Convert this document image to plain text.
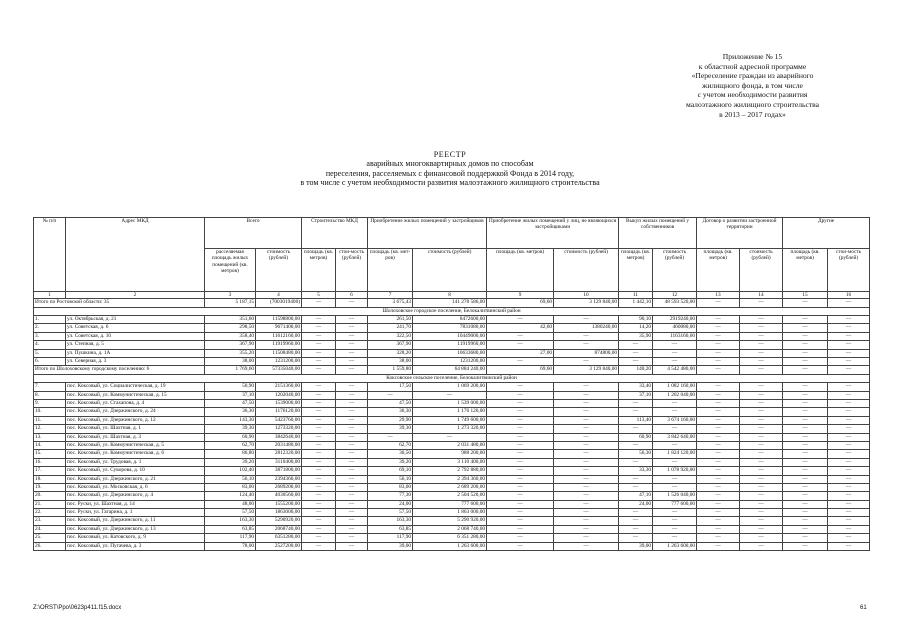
Приложение № 15
к областной адресной программе
«Переселение граждан из аварийного
жилищного фонда, в том числе
с учетом необходимости развития
малоэтажного жилищного строительства
в 2013 – 2017 годах»
РЕЕСТР
аварийных многоквартирных домов по способам
переселения, расселяемых с финансовой поддержкой Фонда в 2014 году,
в том числе с учетом необходимости развития малоэтажного жилищного строительства
№ п/п	Адрес МКД	Всего		Строительство МКД		Приобретение жилых помещений у застройщиков		Приобретение жилых помещений у лиц, не являющихся застройщиками		Выкуп жилых помещений у собственников		Договор о развитии застроенной территории		Другие	
		расселяемая площадь жилых помещений (кв. метров)	стоимость (рублей)	площадь (кв. метров)	стои-мость (рублей)	площадь (кв. мет-ров)	стоимость (рублей)	площадь (кв. метров)	стоимость (рублей)	площадь (кв. метров)	стоимость (рублей)	площадь (кв. метров)	стоимость (рублей)	площадь (кв. метров)	стои-мость (рублей)
1	2	3	4	5	6	7	8	9	10	11	12	13	14	15	16
Итого по Ростовской области: 35		5 187,15	(7003019400)	—	—	3 675,43	141 278 586,00	69,60	3 129 840,00	1 442,10	48 593 520,00	—	—	—	—
Шолоховское городское поселение, Белокалитвинский район															
1.	ул. Октябрьская, д. 21	351,60	11598800,00	—	—	261,50	8472600,00	—	—	90,10	2919240,00	—	—	—	—
2.	ул. Советская, д. 6	298,50	9671400,00	—	—	241,70	7831080,00	42,60	1380240,00	14,20	460080,00	—	—	—	—
3.	ул. Советская, д. 10	358,40	11612160,00	—	—	322,50	10449000,00	—	—	35,90	1163160,00	—	—	—	—
4.	ул. Степная, д. 5	367,90	11919960,00	—	—	367,90	11919960,00	—	—	—	—	—	—	—	—
5.	ул. Пушкина, д. 1А	355,20	11508480,00	—	—	328,20	10633680,00	27,00	874800,00	—	—	—	—	—	—
6.	ул. Северная, д. 3	38,00	1231200,00	—	—	38,00	1231200,00	—	—	—	—	—	—	—	—
Итого по Шолоховскому городскому поселению: 6		1 769,60	57335040,00	—	—	1 559,80	64 884 240,00	69,60	3 129 840,00	140,20	4 542 480,00	—	—	—	—
Коксовское сельское поселение, Белокалитвинский район															
7.	пос. Коксовый, ул. Социалистическая, д. 19	50,90	2151360,00	—	—	17,50	1 069 200,00	—	—	33,40	1 082 160,00	—	—	—	—
8.	пос. Коксовый, ул. Коммунистическая, д. 15	37,10	1202040,00	—	—	—	—	—	—	37,10	1 202 040,00	—	—	—	—
9.	пос. Коксовый, ул. Стахапова, д. 4	47,50	1539000,00	—	—	47,50	1 539 000,00	—	—	—	—	—	—	—	—
10.	пос. Коксовый, ул. Дзержинского, д. 24	36,30	1176120,00	—	—	36,30	1 176 120,00	—	—	—	—	—	—	—	—
11.	пос. Коксовый, ул. Дзержинского, д. 12	143,30	5423760,00	—	—	29,90	1 749 600,00	—	—	113,40	3 674 160,00	—	—	—	—
12.	пос. Коксовый, ул. Шахтная, д. 1	39,30	1273320,00	—	—	39,30	1 273 320,00	—	—	—	—	—	—	—	—
13.	пос. Коксовый, ул. Шахтная, д. 3	60,90	3842640,00	—	—	—	—	—	—	60,90	3 842 640,00	—	—	—	—
14.	пос. Коксовый, ул. Коммунистическая, д. 5	62,70	2031480,00	—	—	62,70	2 031 480,00	—	—	—	—	—	—	—	—
15.	пос. Коксовый, ул. Коммунистическая, д. 6	86,80	2812320,00	—	—	30,50	988 200,00	—	—	56,30	1 824 120,00	—	—	—	—
16.	пос. Коксовый, ул. Трудовая, д. 1	39,20	3110400,00	—	—	39,20	3 110 400,00	—	—	—	—	—	—	—	—
17.	пос. Коксовый, ул. Суворова, д. 10	102,40	3871800,00	—	—	69,10	2 792 880,00	—	—	33,30	1 078 920,00	—	—	—	—
18.	пос. Коксовый, ул. Дзержинского, д. 21	56,10	2394360,00	—	—	56,10	2 394 360,00	—	—	—	—	—	—	—	—
19.	пос. Коксовый, ул. Московская, д. 6	83,00	2689200,00	—	—	83,00	2 689 200,00	—	—	—	—	—	—	—	—
20.	пос. Коксовый, ул. Дзержинского, д. 4	124,40	4030560,00	—	—	77,30	2 504 520,00	—	—	47,10	1 526 040,00	—	—	—	—
21.	пос. Руски, ул. Шахтная, д. 14	48,00	1555200,00	—	—	24,00	777 600,00	—	—	24,00	777 600,00	—	—	—	—
22.	пос. Руски, ул. Гагарина, д. 1	57,50	1863000,00	—	—	57,50	1 863 000,00	—	—	—	—	—	—	—	—
23.	пос. Коксовый, ул. Дзержинского, д. 11	163,30	5290920,00	—	—	163,30	5 290 920,00	—	—	—	—	—	—	—	—
24.	пос. Коксовый, ул. Дзержинского, д. 13	63,85	2068740,00	—	—	63,85	2 068 740,00	—	—	—	—	—	—	—	—
25.	пос. Коксовый, ул. Катовского, д. 9	117,90	6351280,00	—	—	117,90	6 351 280,00	—	—	—	—	—	—	—	—
26.	пос. Коксовый, ул. Пугачева, д. 3	78,00	2527200,00	—	—	39,00	1 263 600,00	—	—	39,00	1 263 600,00	—	—	—	—
Z:\ORST\Ppo\0623p411.f15.docx	61
